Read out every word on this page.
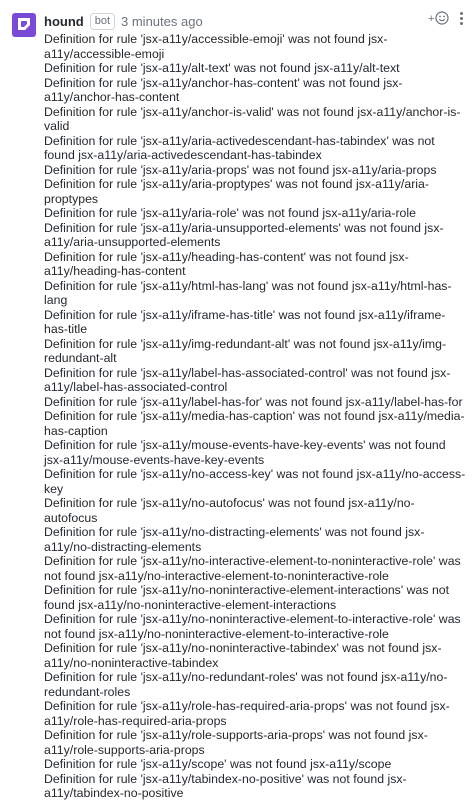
hound	bot 3 minutes ago	+

Definition for rule 'jsx-a11y/accessible-emoji' was not found jsx-a11y/accessible-emoji

Definition for rule 'jsx-a11y/alt-text' was not found jsx-a11y/alt-text

Definition for rule 'jsx-a11y/anchor-has-content' was not found jsx-a11y/anchor-has-content

Definition for rule 'jsx-a11y/anchor-is-valid' was not found jsx-a11y/anchor-is-valid

Definition for rule 'jsx-a11y/aria-activedescendant-has-tabindex' was not found jsx-a11y/aria-activedescendant-has-tabindex

Definition for rule 'jsx-a11y/aria-props' was not found jsx-a11y/aria-props

Definition for rule 'jsx-a11y/aria-proptypes' was not found jsx-a11y/aria-proptypes

Definition for rule 'jsx-a11y/aria-role' was not found jsx-a11y/aria-role

Definition for rule 'jsx-a11y/aria-unsupported-elements' was not found jsx-a11y/aria-unsupported-elements

Definition for rule 'jsx-a11y/heading-has-content' was not found jsx-a11y/heading-has-content

Definition for rule 'jsx-a11y/html-has-lang' was not found jsx-a11y/html-has-lang

Definition for rule 'jsx-a11y/iframe-has-title' was not found jsx-a11y/iframe-has-title

Definition for rule 'jsx-a11y/img-redundant-alt' was not found jsx-a11y/img-redundant-alt

Definition for rule 'jsx-a11y/label-has-associated-control' was not found jsx-a11y/label-has-associated-control

Definition for rule 'jsx-a11y/label-has-for' was not found jsx-a11y/label-has-for

Definition for rule 'jsx-a11y/media-has-caption' was not found jsx-a11y/media-has-caption

Definition for rule 'jsx-a11y/mouse-events-have-key-events' was not found jsx-a11y/mouse-events-have-key-events

Definition for rule 'jsx-a11y/no-access-key' was not found jsx-a11y/no-access-key

Definition for rule 'jsx-a11y/no-autofocus' was not found jsx-a11y/no-autofocus

Definition for rule 'jsx-a11y/no-distracting-elements' was not found jsx-a11y/no-distracting-elements

Definition for rule 'jsx-a11y/no-interactive-element-to-noninteractive-role' was not found jsx-a11y/no-interactive-element-to-noninteractive-role

Definition for rule 'jsx-a11y/no-noninteractive-element-interactions' was not found jsx-a11y/no-noninteractive-element-interactions

Definition for rule 'jsx-a11y/no-noninteractive-element-to-interactive-role' was not found jsx-a11y/no-noninteractive-element-to-interactive-role

Definition for rule 'jsx-a11y/no-noninteractive-tabindex' was not found jsx-a11y/no-noninteractive-tabindex

Definition for rule 'jsx-a11y/no-redundant-roles' was not found jsx-a11y/no-redundant-roles

Definition for rule 'jsx-a11y/role-has-required-aria-props' was not found jsx-a11y/role-has-required-aria-props

Definition for rule 'jsx-a11y/role-supports-aria-props' was not found jsx-a11y/role-supports-aria-props

Definition for rule 'jsx-a11y/scope' was not found jsx-a11y/scope

Definition for rule 'jsx-a11y/tabindex-no-positive' was not found jsx-a11y/tabindex-no-positive
